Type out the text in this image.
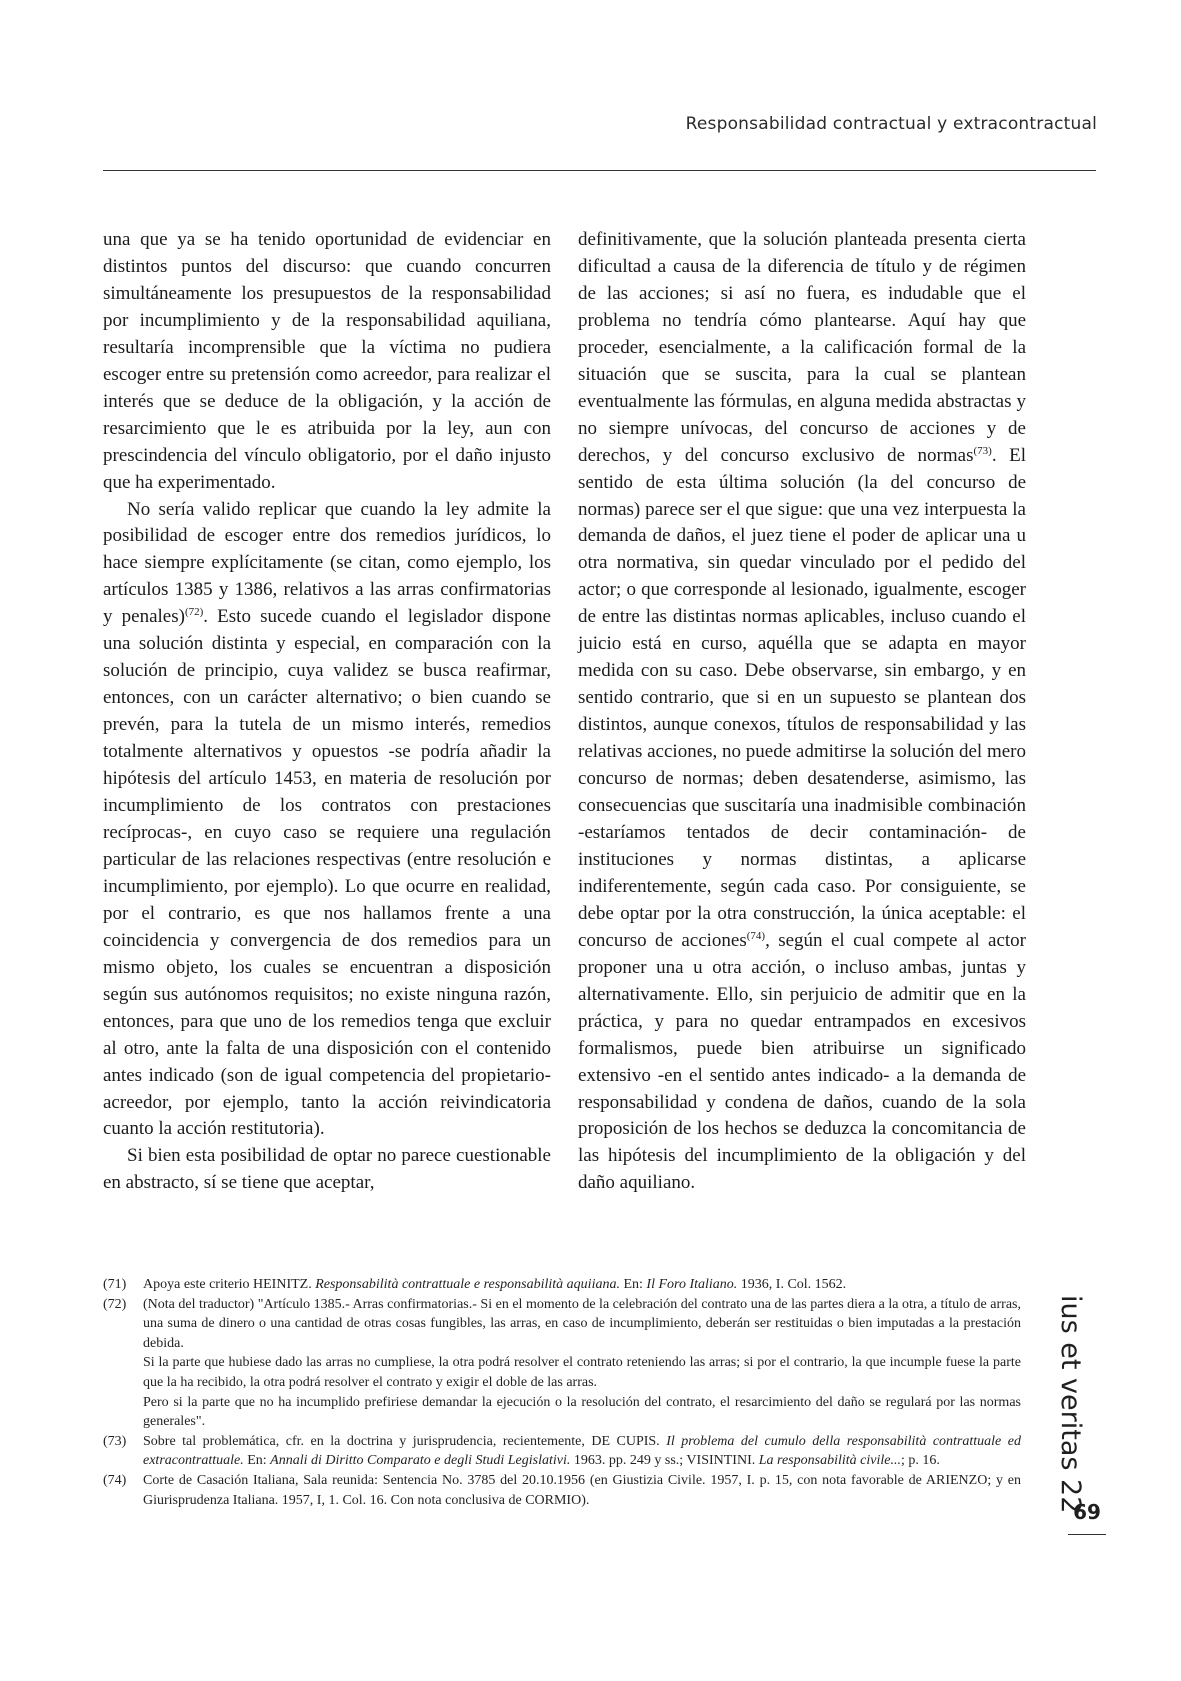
Responsabilidad contractual y extracontractual

una que ya se ha tenido oportunidad de evidenciar en distintos puntos del discurso: que cuando concurren simultáneamente los presupuestos de la responsabilidad por incumplimiento y de la responsabilidad aquiliana, resultaría incomprensible que la víctima no pudiera escoger entre su pretensión como acreedor, para realizar el interés que se deduce de la obligación, y la acción de resarcimiento que le es atribuida por la ley, aun con prescindencia del vínculo obligatorio, por el daño injusto que ha experimentado.

No sería valido replicar que cuando la ley admite la posibilidad de escoger entre dos remedios jurídicos, lo hace siempre explícitamente (se citan, como ejemplo, los artículos 1385 y 1386, relativos a las arras confirmatorias y penales)$^{(72)}$. Esto sucede cuando el legislador dispone una solución distinta y especial, en comparación con la solución de principio, cuya validez se busca reafirmar, entonces, con un carácter alternativo; o bien cuando se prevén, para la tutela de un mismo interés, remedios totalmente alternativos y opuestos -se podría añadir la hipótesis del artículo 1453, en materia de resolución por incumplimiento de los contratos con prestaciones recíprocas-, en cuyo caso se requiere una regulación particular de las relaciones respectivas (entre resolución e incumplimiento, por ejemplo). Lo que ocurre en realidad, por el contrario, es que nos hallamos frente a una coincidencia y convergencia de dos remedios para un mismo objeto, los cuales se encuentran a disposición según sus autónomos requisitos; no existe ninguna razón, entonces, para que uno de los remedios tenga que excluir al otro, ante la falta de una disposición con el contenido antes indicado (son de igual competencia del propietario-acreedor, por ejemplo, tanto la acción reivindicatoria cuanto la acción restitutoria).

Si bien esta posibilidad de optar no parece cuestionable en abstracto, sí se tiene que aceptar,

definitivamente, que la solución planteada presenta cierta dificultad a causa de la diferencia de título y de régimen de las acciones; si así no fuera, es indudable que el problema no tendría cómo plantearse. Aquí hay que proceder, esencialmente, a la calificación formal de la situación que se suscita, para la cual se plantean eventualmente las fórmulas, en alguna medida abstractas y no siempre unívocas, del concurso de acciones y de derechos, y del concurso exclusivo de normas$^{(73)}$. El sentido de esta última solución (la del concurso de normas) parece ser el que sigue: que una vez interpuesta la demanda de daños, el juez tiene el poder de aplicar una u otra normativa, sin quedar vinculado por el pedido del actor; o que corresponde al lesionado, igualmente, escoger de entre las distintas normas aplicables, incluso cuando el juicio está en curso, aquélla que se adapta en mayor medida con su caso. Debe observarse, sin embargo, y en sentido contrario, que si en un supuesto se plantean dos distintos, aunque conexos, títulos de responsabilidad y las relativas acciones, no puede admitirse la solución del mero concurso de normas; deben desatenderse, asimismo, las consecuencias que suscitaría una inadmisible combinación -estaríamos tentados de decir contaminación- de instituciones y normas distintas, a aplicarse indiferentemente, según cada caso. Por consiguiente, se debe optar por la otra construcción, la única aceptable: el concurso de acciones$^{(74)}$, según el cual compete al actor proponer una u otra acción, o incluso ambas, juntas y alternativamente. Ello, sin perjuicio de admitir que en la práctica, y para no quedar entrampados en excesivos formalismos, puede bien atribuirse un significado extensivo -en el sentido antes indicado- a la demanda de responsabilidad y condena de daños, cuando de la sola proposición de los hechos se deduzca la concomitancia de las hipótesis del incumplimiento de la obligación y del daño aquiliano.

(71) Apoya este criterio HEINITZ. Responsabilità contrattuale e responsabilità aquiiana. En: Il Foro Italiano. 1936, I. Col. 1562.
(72) (Nota del traductor) "Artículo 1385.- Arras confirmatorias.- Si en el momento de la celebración del contrato una de las partes diera a la otra, a título de arras, una suma de dinero o una cantidad de otras cosas fungibles, las arras, en caso de incumplimiento, deberán ser restituidas o bien imputadas a la prestación debida.
Si la parte que hubiese dado las arras no cumpliese, la otra podrá resolver el contrato reteniendo las arras; si por el contrario, la que incumple fuese la parte que la ha recibido, la otra podrá resolver el contrato y exigir el doble de las arras.
Pero si la parte que no ha incumplido prefiriese demandar la ejecución o la resolución del contrato, el resarcimiento del daño se regulará por las normas generales".
(73) Sobre tal problemática, cfr. en la doctrina y jurisprudencia, recientemente, DE CUPIS. Il problema del cumulo della responsabilità contrattuale ed extracontrattuale. En: Annali di Diritto Comparato e degli Studi Legislativi. 1963. pp. 249 y ss.; VISINTINI. La responsabilità civile...; p. 16.
(74) Corte de Casación Italiana, Sala reunida: Sentencia No. 3785 del 20.10.1956 (en Giustizia Civile. 1957, I. p. 15, con nota favorable de ARIENZO; y en Giurisprudenza Italiana. 1957, I, 1. Col. 16. Con nota conclusiva de CORMIO).	ius et veritas 22
69
